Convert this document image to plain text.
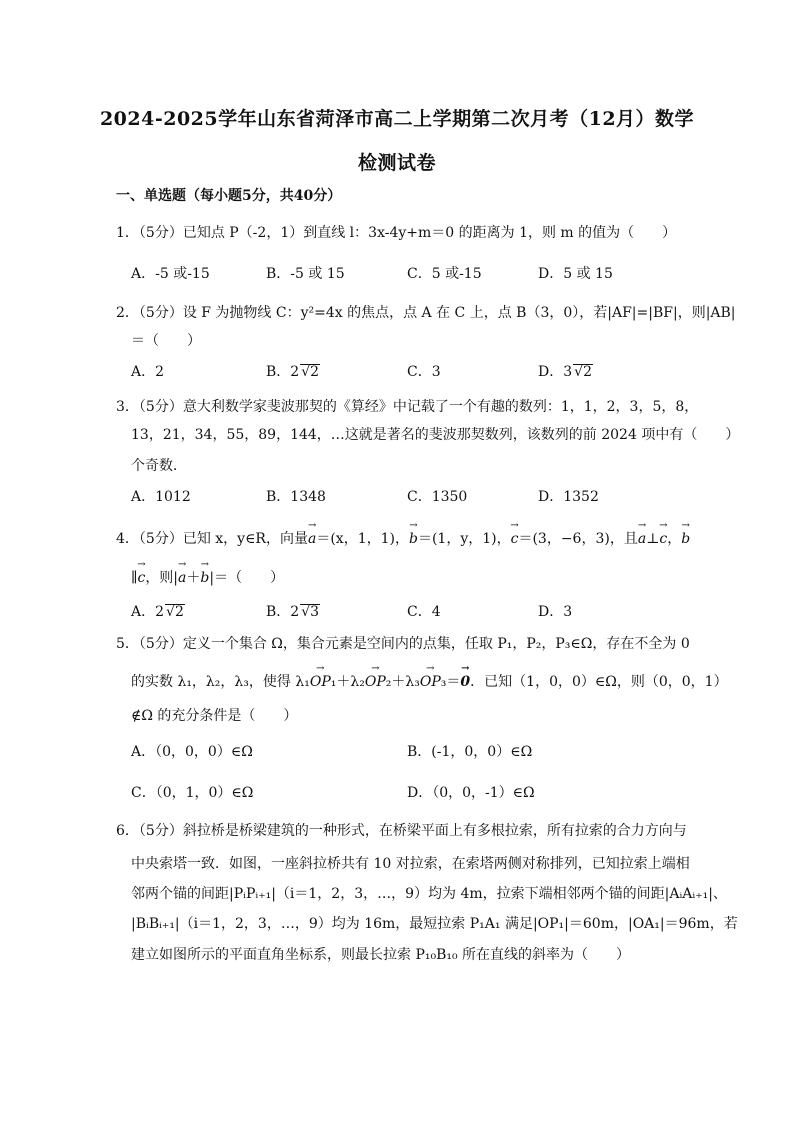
2024-2025学年山东省菏泽市高二上学期第二次月考（12月）数学
检测试卷
一、单选题（每小题5分，共40分）
1．（5分）已知点 P（-2，1）到直线 l：3x-4y+m＝0 的距离为 1，则 m 的值为（　　）
A．-5 或-15	B．-5 或 15	C．5 或-15	D．5 或 15
2．（5分）设 F 为抛物线 C：y²=4x 的焦点，点 A 在 C 上，点 B（3，0），若|AF|=|BF|，则|AB|
＝（　　）
A．2	B．2 √2	C．3	D．3 √2
3．（5分）意大利数学家斐波那契的《算经》中记载了一个有趣的数列：1，1，2，3，5，8，
13，21，34，55，89，144，…这就是著名的斐波那契数列，该数列的前 2024 项中有（　　）
个奇数．
A．1012	B．1348	C．1350	D．1352
4．（5分）已知 x，y∈R，向量→ a＝(x，1，1)，→ b＝(1，y，1)，→ c＝(3，−6，3)，且→ a⊥→ c，→ b
∥→ c，则|→ a＋→ b|＝（　　）
A．2 √2	B．2 √3	C．4	D．3
5．（5分）定义一个集合 Ω，集合元素是空间内的点集，任取 P₁，P₂，P₃∈Ω，存在不全为 0
的实数 λ₁，λ₂，λ₃，使得 λ₁→ OP₁＋λ₂→ OP₂＋λ₃→ OP₃＝→ 0．已知（1，0，0）∈Ω，则（0，0，1）
∉Ω 的充分条件是（　　）
A．（0，0，0）∈Ω	B．(-1，0，0）∈Ω
C．（0，1，0）∈Ω	D．（0，0，-1）∈Ω
6．（5分）斜拉桥是桥梁建筑的一种形式，在桥梁平面上有多根拉索，所有拉索的合力方向与
中央索塔一致．如图，一座斜拉桥共有 10 对拉索，在索塔两侧对称排列，已知拉索上端相
邻两个锚的间距|PᵢPᵢ₊₁|（i＝1，2，3，…，9）均为 4m，拉索下端相邻两个锚的间距|AᵢAᵢ₊₁|、
|BᵢBᵢ₊₁|（i＝1，2，3，…，9）均为 16m，最短拉索 P₁A₁ 满足|OP₁|＝60m，|OA₁|＝96m，若
建立如图所示的平面直角坐标系，则最长拉索 P₁₀B₁₀ 所在直线的斜率为（　　）
